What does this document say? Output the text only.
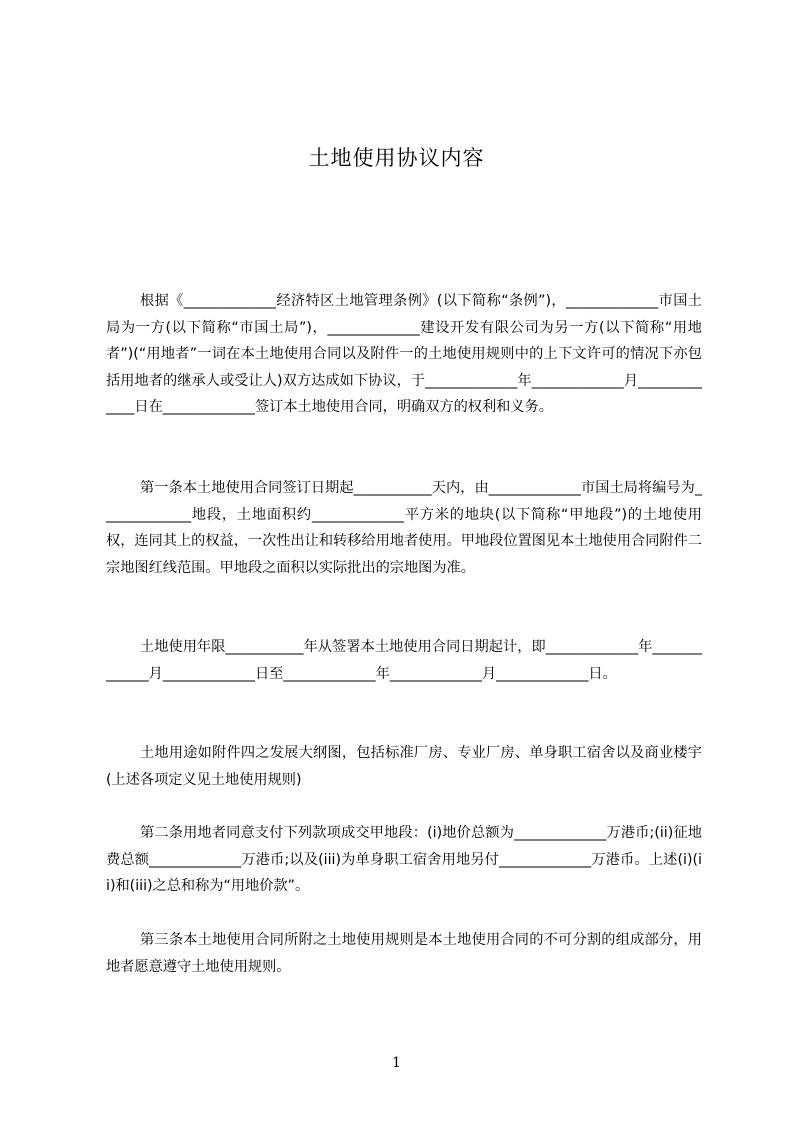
土地使用协议内容

根据《_____________经济特区土地管理条例》(以下简称“条例”)，_____________市国土局为一方(以下简称“市国土局”)，_____________建设开发有限公司为另一方(以下简称“用地者”)(“用地者”一词在本土地使用合同以及附件一的土地使用规则中的上下文许可的情况下亦包括用地者的继承人或受让人)双方达成如下协议，于_____________年_____________月_____________日在_____________签订本土地使用合同，明确双方的权利和义务。

第一条本土地使用合同签订日期起___________天内，由_____________市国土局将编号为_____________地段，土地面积约_____________平方米的地块(以下简称“甲地段”)的土地使用权，连同其上的权益，一次性出让和转移给用地者使用。甲地段位置图见本土地使用合同附件二宗地图红线范围。甲地段之面积以实际批出的宗地图为准。

土地使用年限___________年从签署本土地使用合同日期起计，即_____________年_____________月_____________日至_____________年_____________月_____________日。

土地用途如附件四之发展大纲图，包括标准厂房、专业厂房、单身职工宿舍以及商业楼宇(上述各项定义见土地使用规则)

第二条用地者同意支付下列款项成交甲地段：(i)地价总额为_____________万港币;(ii)征地费总额_____________万港币;以及(iii)为单身职工宿舍用地另付_____________万港币。上述(i)(ii)和(iii)之总和称为“用地价款”。

第三条本土地使用合同所附之土地使用规则是本土地使用合同的不可分割的组成部分，用地者愿意遵守土地使用规则。

1
